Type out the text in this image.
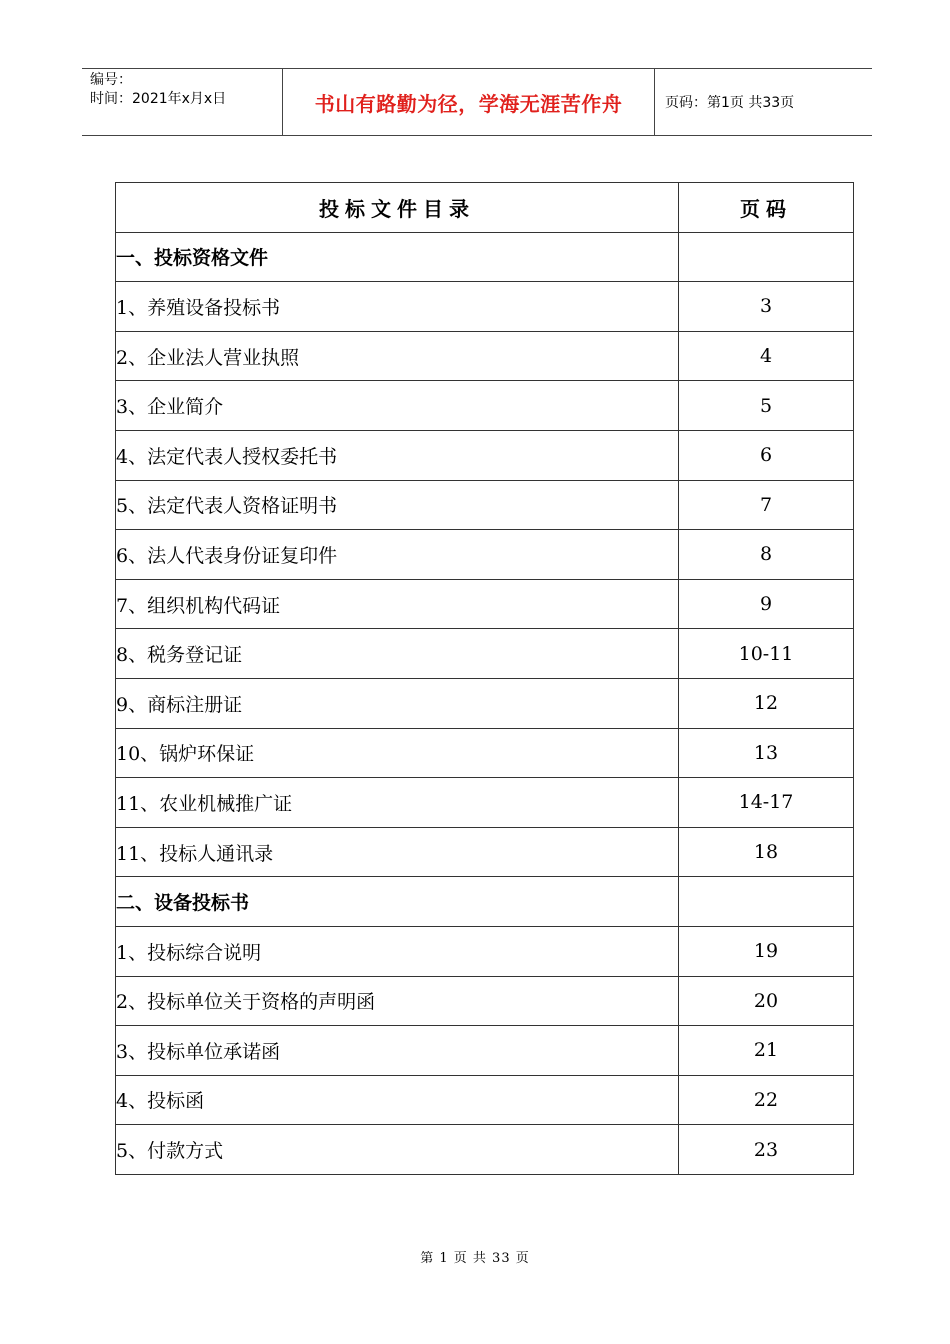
编号：
时间：2021年x月x日	书山有路勤为径，学海无涯苦作舟	页码：第1页 共33页
投标文件目录	页码
一、投标资格文件	
1、养殖设备投标书	3
2、企业法人营业执照	4
3、企业简介	5
4、法定代表人授权委托书	6
5、法定代表人资格证明书	7
6、法人代表身份证复印件	8
7、组织机构代码证	9
8、税务登记证	10-11
9、商标注册证	12
10、锅炉环保证	13
11、农业机械推广证	14-17
11、投标人通讯录	18
二、设备投标书	
1、投标综合说明	19
2、投标单位关于资格的声明函	20
3、投标单位承诺函	21
4、投标函	22
5、付款方式	23
第 1 页 共 33 页
